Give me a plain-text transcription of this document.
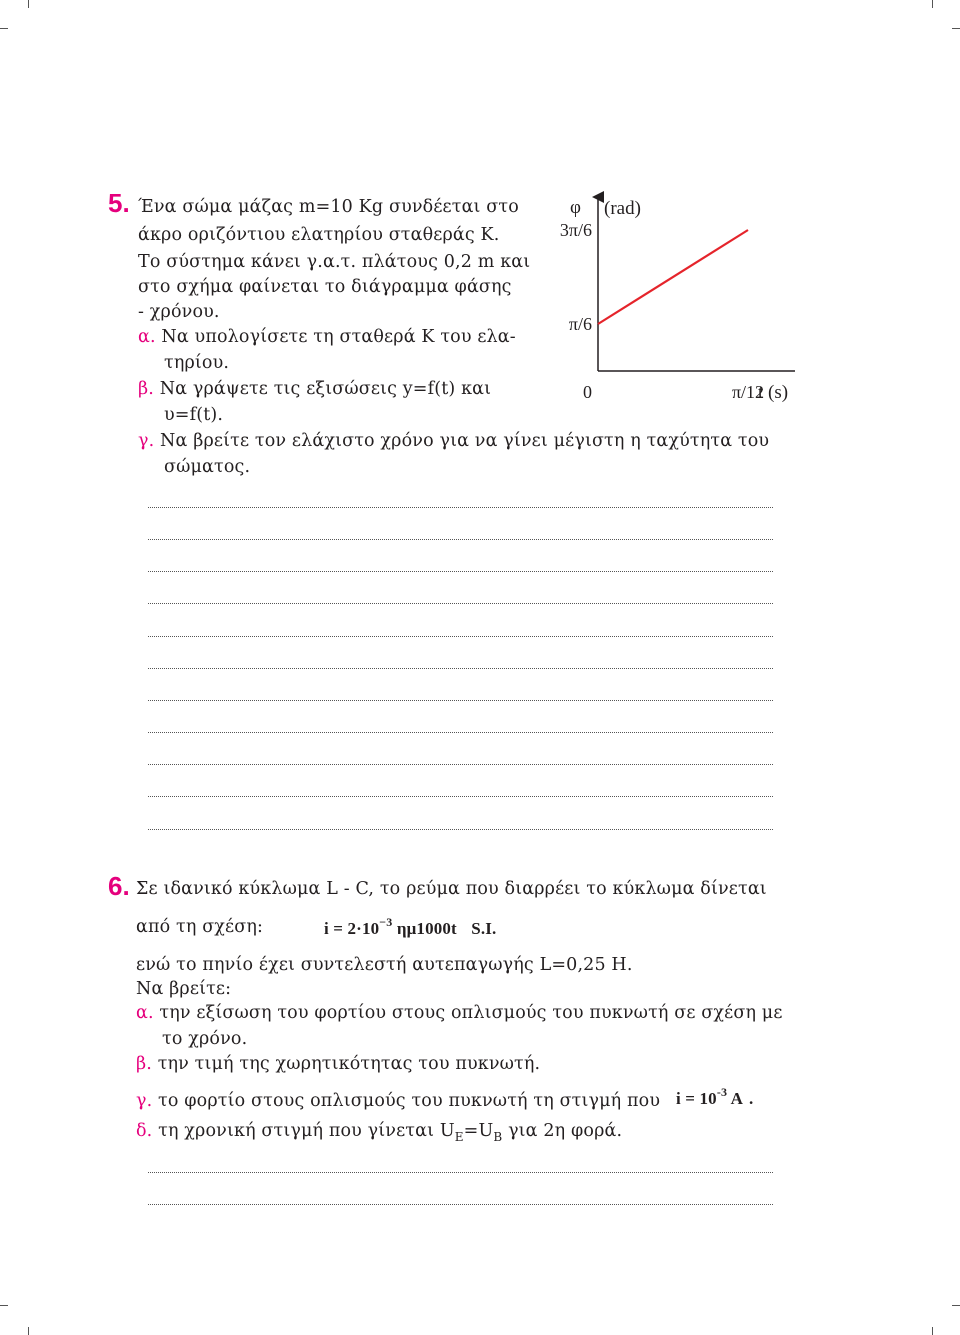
5. Ένα σώμα μάζας m=10 Kg συνδέεται στο
άκρο οριζόντιου ελατηρίου σταθεράς K.
Το σύστημα κάνει γ.α.τ. πλάτους 0,2 m και
στο σχήμα φαίνεται το διάγραμμα φάσης
- χρόνου.
α. Να υπολογίσετε τη σταθερά K του ελα-
τηρίου.
β. Να γράψετε τις εξισώσεις y=f(t) και
υ=f(t).
γ. Να βρείτε τον ελάχιστο χρόνο για να γίνει μέγιστη η ταχύτητα του
σώματος.
φ (rad)
π/6
3π/6
0	π/12
t (s)
6. Σε ιδανικό κύκλωμα L - C, το ρεύμα που διαρρέει το κύκλωμα δίνεται
από τη σχέση:	$i = 2\cdot 10^{-3}$ ημ1000t S.I.
ενώ το πηνίο έχει συντελεστή αυτεπαγωγής L=0,25 H.
Να βρείτε:
α. την εξίσωση του φορτίου στους οπλισμούς του πυκνωτή σε σχέση με
το χρόνο.
β. την τιμή της χωρητικότητας του πυκνωτή.
γ. το φορτίο στους οπλισμούς του πυκνωτή τη στιγμή που $i = 10^{-3}$ A .
δ. τη χρονική στιγμή που γίνεται $U_E=U_B$ για 2η φορά.
